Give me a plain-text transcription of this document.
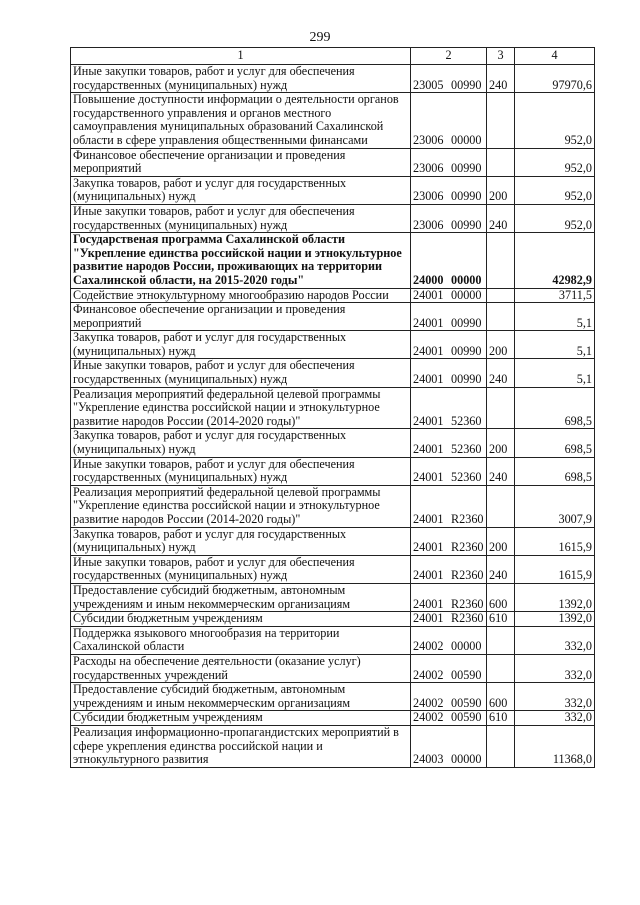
299
1	2	3	4
Иные закупки товаров, работ и услуг для обеспечения государственных (муниципальных) нужд	23005 00990	240	97970,6
Повышение доступности информации о деятельности органов государственного управления и органов местного самоуправления муниципальных образований Сахалинской области в сфере управления общественными финансами	23006 00000		952,0
Финансовое обеспечение организации и проведения мероприятий	23006 00990		952,0
Закупка товаров, работ и услуг для государственных (муниципальных) нужд	23006 00990	200	952,0
Иные закупки товаров, работ и услуг для обеспечения государственных (муниципальных) нужд	23006 00990	240	952,0
Государственая программа Сахалинской области "Укрепление единства российской нации и этнокультурное развитие народов России, проживающих на территории Сахалинской области, на 2015-2020 годы"	24000 00000		42982,9
Содействие этнокультурному многообразию народов России	24001 00000		3711,5
Финансовое обеспечение организации и проведения мероприятий	24001 00990		5,1
Закупка товаров, работ и услуг для государственных (муниципальных) нужд	24001 00990	200	5,1
Иные закупки товаров, работ и услуг для обеспечения государственных (муниципальных) нужд	24001 00990	240	5,1
Реализация мероприятий федеральной целевой программы "Укрепление единства российской нации и этнокультурное развитие народов России (2014-2020 годы)"	24001 52360		698,5
Закупка товаров, работ и услуг для государственных (муниципальных) нужд	24001 52360	200	698,5
Иные закупки товаров, работ и услуг для обеспечения государственных (муниципальных) нужд	24001 52360	240	698,5
Реализация мероприятий федеральной целевой программы "Укрепление единства российской нации и этнокультурное развитие народов России (2014-2020 годы)"	24001 R2360		3007,9
Закупка товаров, работ и услуг для государственных (муниципальных) нужд	24001 R2360	200	1615,9
Иные закупки товаров, работ и услуг для обеспечения государственных (муниципальных) нужд	24001 R2360	240	1615,9
Предоставление субсидий бюджетным, автономным учреждениям и иным некоммерческим организациям	24001 R2360	600	1392,0
Субсидии бюджетным учреждениям	24001 R2360	610	1392,0
Поддержка языкового многообразия на территории Сахалинской области	24002 00000		332,0
Расходы на обеспечение деятельности (оказание услуг) государственных учреждений	24002 00590		332,0
Предоставление субсидий бюджетным, автономным учреждениям и иным некоммерческим организациям	24002 00590	600	332,0
Субсидии бюджетным учреждениям	24002 00590	610	332,0
Реализация информационно-пропагандистских мероприятий в сфере укрепления единства российской нации и этнокультурного развития	24003 00000		11368,0
